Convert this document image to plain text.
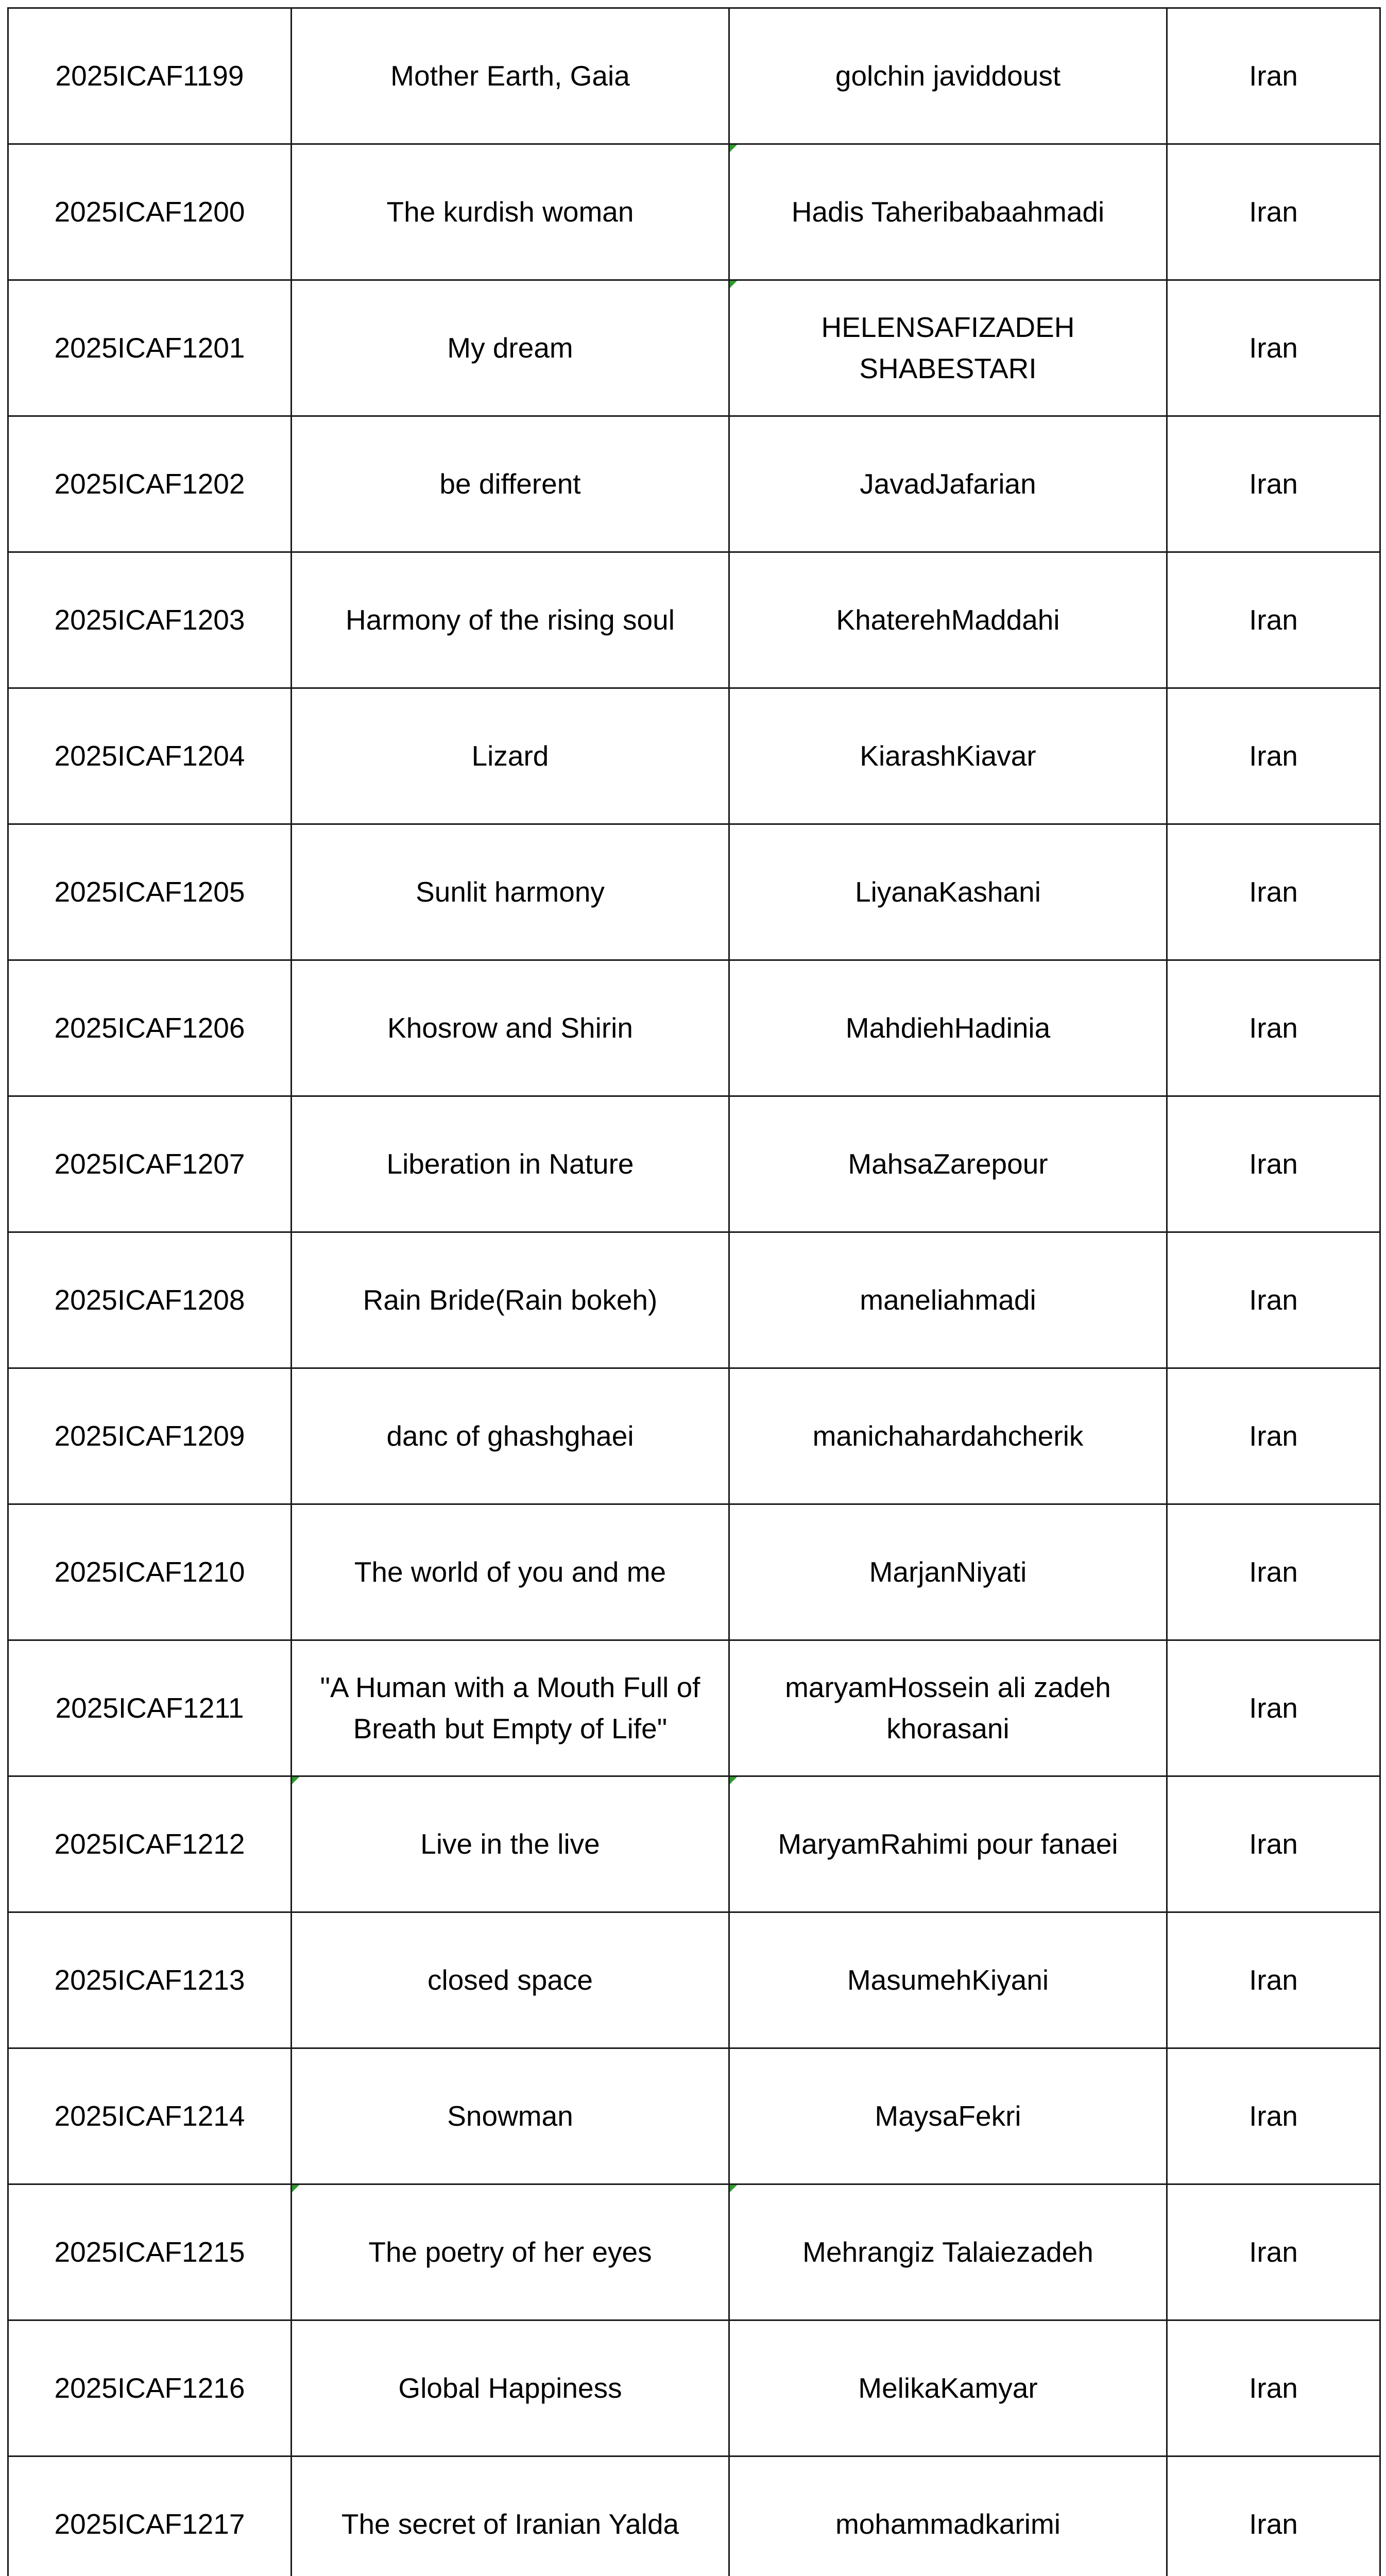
2025ICAF1199	Mother Earth, Gaia	golchin javiddoust	Iran
2025ICAF1200	The kurdish woman	Hadis Taheribabaahmadi	Iran
2025ICAF1201	My dream	HELENSAFIZADEH SHABESTARI	Iran
2025ICAF1202	be different	JavadJafarian	Iran
2025ICAF1203	Harmony of the rising soul	KhaterehMaddahi	Iran
2025ICAF1204	Lizard	KiarashKiavar	Iran
2025ICAF1205	Sunlit harmony	LiyanaKashani	Iran
2025ICAF1206	Khosrow and Shirin	MahdiehHadinia	Iran
2025ICAF1207	Liberation in Nature	MahsaZarepour	Iran
2025ICAF1208	Rain Bride(Rain bokeh)	maneliahmadi	Iran
2025ICAF1209	danc of ghashghaei	manichahardahcherik	Iran
2025ICAF1210	The world of you and me	MarjanNiyati	Iran
2025ICAF1211	"A Human with a Mouth Full of Breath but Empty of Life"	maryamHossein ali zadeh khorasani	Iran
2025ICAF1212	Live in the live	MaryamRahimi pour fanaei	Iran
2025ICAF1213	closed space	MasumehKiyani	Iran
2025ICAF1214	Snowman	MaysaFekri	Iran
2025ICAF1215	The poetry of her eyes	Mehrangiz Talaiezadeh	Iran
2025ICAF1216	Global Happiness	MelikaKamyar	Iran
2025ICAF1217	The secret of Iranian Yalda	mohammadkarimi	Iran
